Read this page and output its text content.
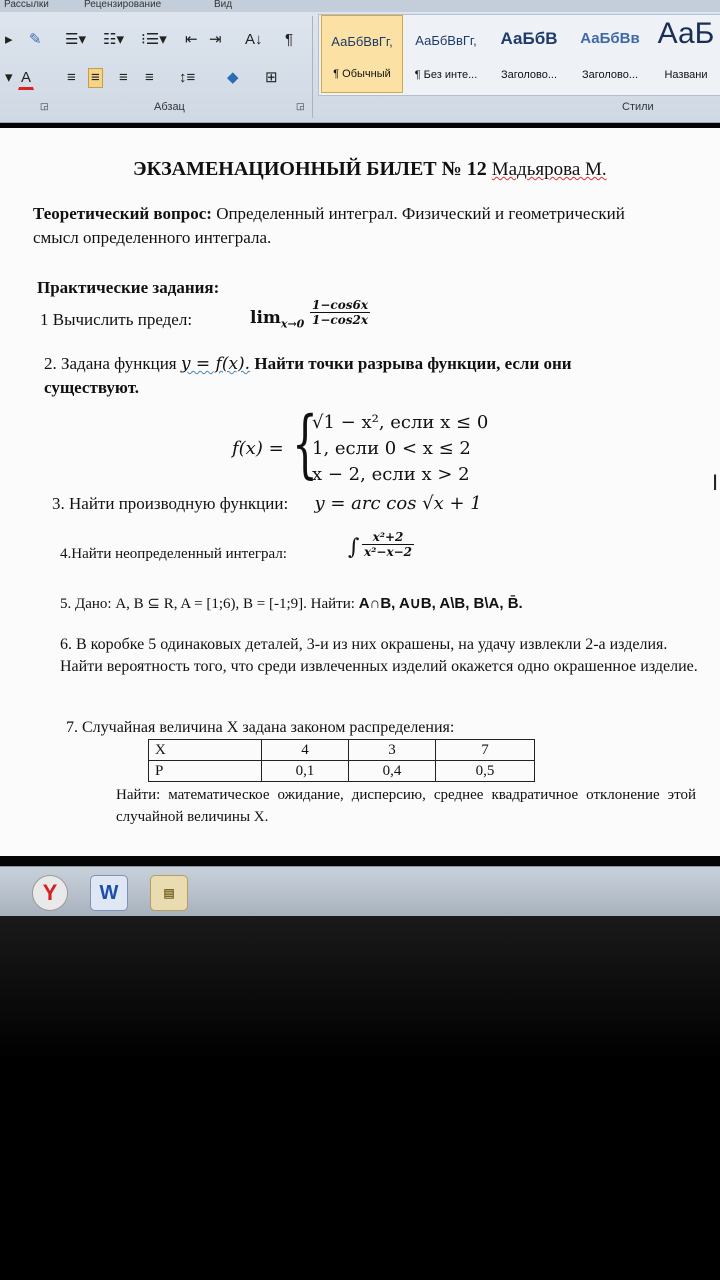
Рассылки	Рецензирование	Вид
▸ ✎ ☰▾ ☷▾ ⁝☰▾ ⇤ ⇥ A↓ ¶
▾ A ≡ ≡ ≡ ≡ ↕≡ ◆ ⊞
Абзац	◲
◲
АаБбВвГг,
¶ Обычный
АаБбВвГг,
¶ Без инте...
АаБбВ
Заголово...
АаБбВв
Заголово...
АаБ
Названи
Стили
ЭКЗАМЕНАЦИОННЫЙ БИЛЕТ № 12 Мадьярова М.
Теоретический вопрос: Определенный интеграл. Физический и геометрический смысл определенного интеграла.
Практические задания:
1 Вычислить предел:	$\lim_{x\to 0} \frac{1-\cos 6x}{1-\cos 2x}$
2. Задана функция y = f(x). Найти точки разрыва функции, если они существуют.
f(x) = {
√1 − x², если x ≤ 0
1, если 0 < x ≤ 2
x − 2, если x > 2	I
3. Найти производную функции: y = arc cos √x + 1
4.Найти неопределенный интеграл:	∫ $\frac{\text{x²+2}}{\text{x²−x−2}}$
5. Дано: A, B ⊆ R, A = [1;6), B = [-1;9]. Найти: A∩B, A∪B, A\B, B\A, B̄.
6. В коробке 5 одинаковых деталей, 3-и из них окрашены, на удачу извлекли 2-а изделия. Найти вероятность того, что среди извлеченных изделий окажется одно окрашенное изделие.
7. Случайная величина X задана законом распределения:
X	4	3	7
P	0,1	0,4	0,5
Найти: математическое ожидание, дисперсию, среднее квадратичное отклонение этой случайной величины X.
Y	W	▤
